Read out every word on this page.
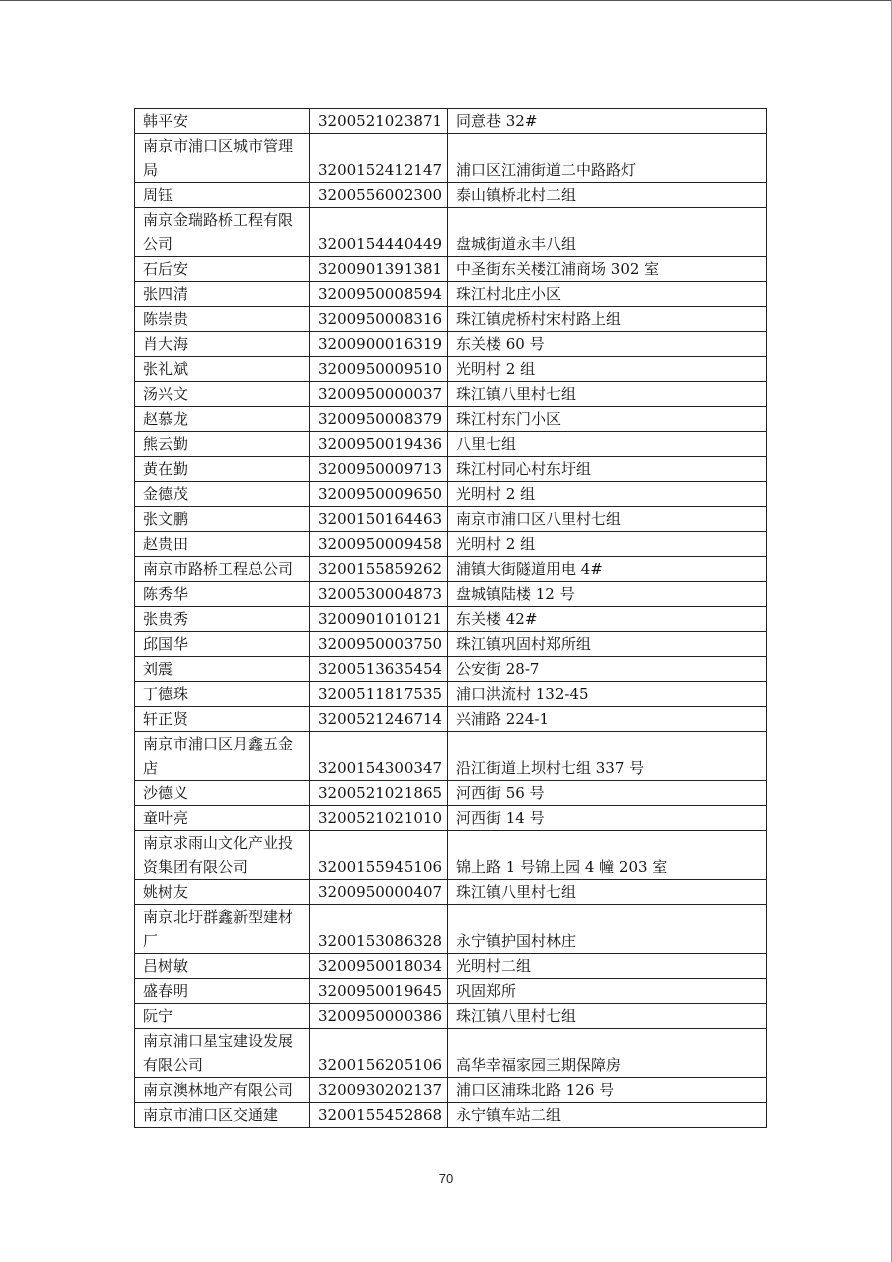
韩平安	3200521023871	同意巷 32#
南京市浦口区城市管理局	3200152412147	浦口区江浦街道二中路路灯
周钰	3200556002300	泰山镇桥北村二组
南京金瑞路桥工程有限公司	3200154440449	盘城街道永丰八组
石后安	3200901391381	中圣街东关楼江浦商场 302 室
张四清	3200950008594	珠江村北庄小区
陈崇贵	3200950008316	珠江镇虎桥村宋村路上组
肖大海	3200900016319	东关楼 60 号
张礼斌	3200950009510	光明村 2 组
汤兴文	3200950000037	珠江镇八里村七组
赵慕龙	3200950008379	珠江村东门小区
熊云勤	3200950019436	八里七组
黄在勤	3200950009713	珠江村同心村东圩组
金德茂	3200950009650	光明村 2 组
张文鹏	3200150164463	南京市浦口区八里村七组
赵贵田	3200950009458	光明村 2 组
南京市路桥工程总公司	3200155859262	浦镇大街隧道用电 4#
陈秀华	3200530004873	盘城镇陆楼 12 号
张贵秀	3200901010121	东关楼 42#
邱国华	3200950003750	珠江镇巩固村郑所组
刘震	3200513635454	公安街 28-7
丁德珠	3200511817535	浦口洪流村 132-45
轩正贤	3200521246714	兴浦路 224-1
南京市浦口区月鑫五金店	3200154300347	沿江街道上坝村七组 337 号
沙德义	3200521021865	河西街 56 号
童叶亮	3200521021010	河西街 14 号
南京求雨山文化产业投资集团有限公司	3200155945106	锦上路 1 号锦上园 4 幢 203 室
姚树友	3200950000407	珠江镇八里村七组
南京北圩群鑫新型建材厂	3200153086328	永宁镇护国村林庄
吕树敏	3200950018034	光明村二组
盛春明	3200950019645	巩固郑所
阮宁	3200950000386	珠江镇八里村七组
南京浦口星宝建设发展有限公司	3200156205106	高华幸福家园三期保障房
南京澳林地产有限公司	3200930202137	浦口区浦珠北路 126 号
南京市浦口区交通建	3200155452868	永宁镇车站二组
70
